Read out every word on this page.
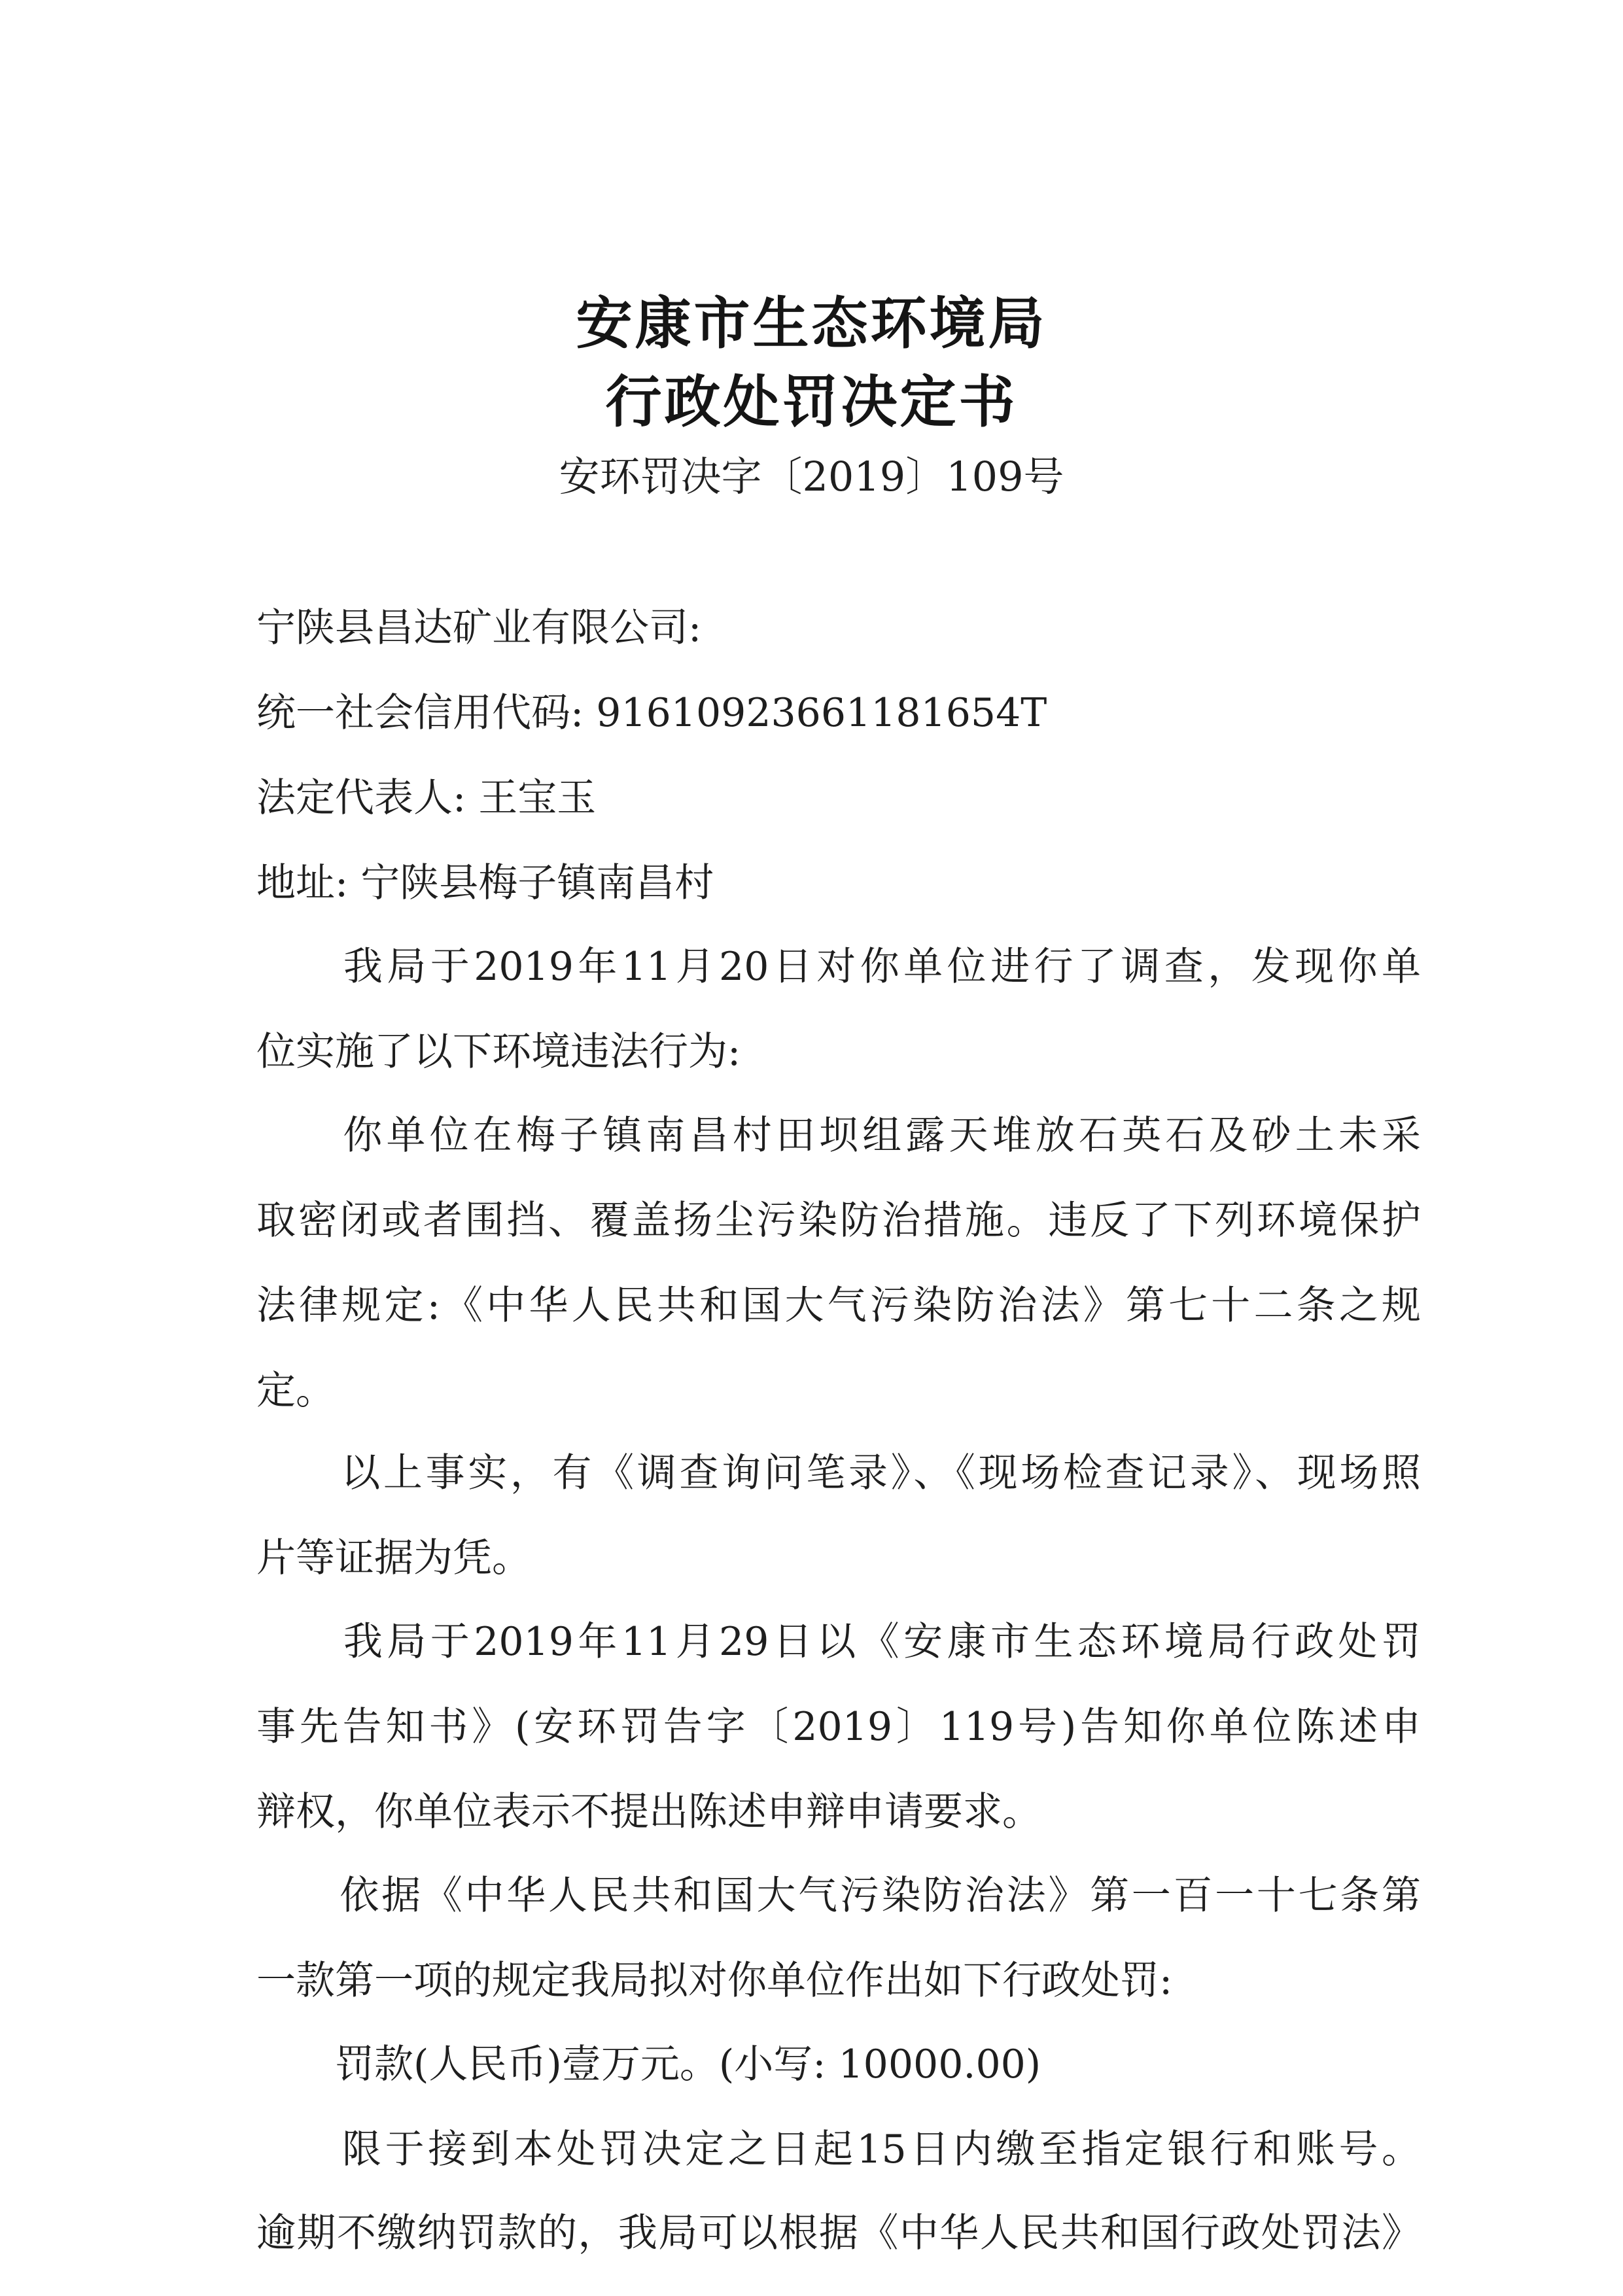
安康市生态环境局
行政处罚决定书
安环罚决字〔2019〕109号
宁陕县昌达矿业有限公司:
统一社会信用代码: 91610923661181654T
法定代表人: 王宝玉
地址: 宁陕县梅子镇南昌村
　　我局于2019年11月20日对你单位进行了调查，发现你单
位实施了以下环境违法行为:
　　你单位在梅子镇南昌村田坝组露天堆放石英石及砂土未采
取密闭或者围挡、覆盖扬尘污染防治措施。违反了下列环境保护
法律规定:《中华人民共和国大气污染防治法》第七十二条之规
定。
　　以上事实，有《调查询问笔录》、《现场检查记录》、现场照
片等证据为凭。
　　我局于2019年11月29日以《安康市生态环境局行政处罚
事先告知书》(安环罚告字〔2019〕119号)告知你单位陈述申
辩权，你单位表示不提出陈述申辩申请要求。
　　依据《中华人民共和国大气污染防治法》第一百一十七条第
一款第一项的规定我局拟对你单位作出如下行政处罚:
　　罚款(人民币)壹万元。(小写: 10000.00)
　　限于接到本处罚决定之日起15日内缴至指定银行和账号。
逾期不缴纳罚款的，我局可以根据《中华人民共和国行政处罚法》
